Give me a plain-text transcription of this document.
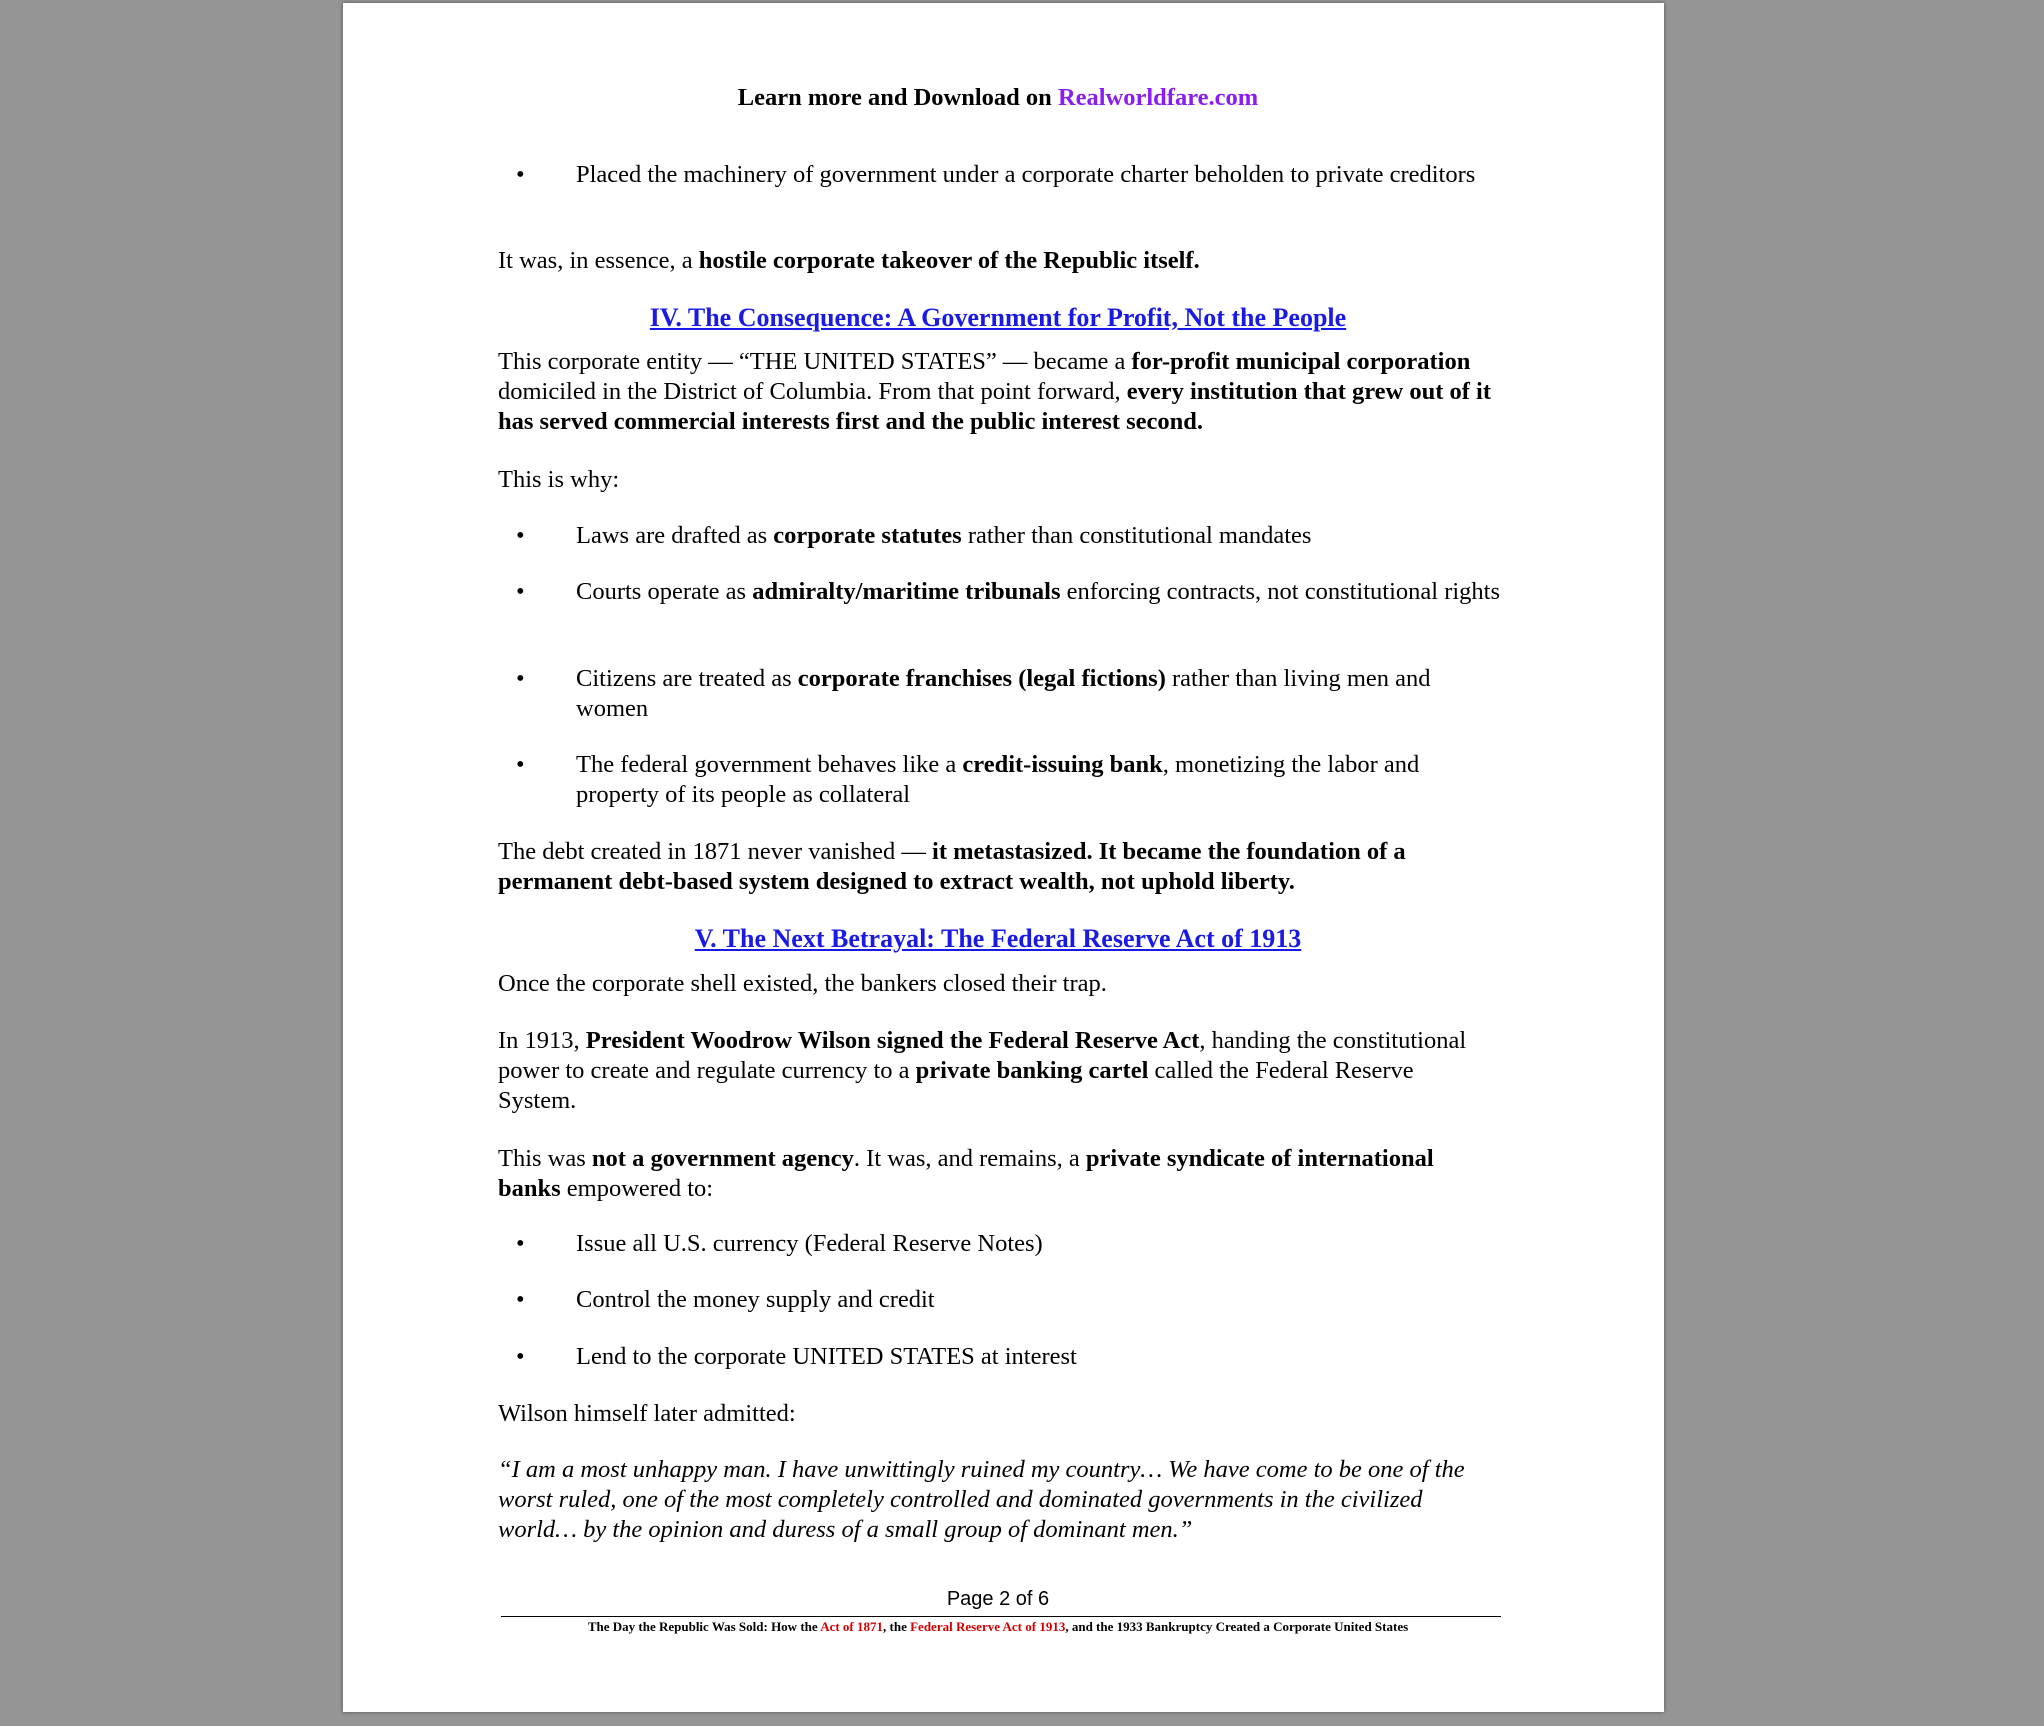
Learn more and Download on Realworldfare.com

• Placed the machinery of government under a corporate charter beholden to private creditors

It was, in essence, a hostile corporate takeover of the Republic itself.

IV. The Consequence: A Government for Profit, Not the People

This corporate entity — “THE UNITED STATES” — became a for-profit municipal corporation domiciled in the District of Columbia. From that point forward, every institution that grew out of it has served commercial interests first and the public interest second.

This is why:

• Laws are drafted as corporate statutes rather than constitutional mandates
• Courts operate as admiralty/maritime tribunals enforcing contracts, not constitutional rights
• Citizens are treated as corporate franchises (legal fictions) rather than living men and women
• The federal government behaves like a credit-issuing bank, monetizing the labor and property of its people as collateral

The debt created in 1871 never vanished — it metastasized. It became the foundation of a permanent debt-based system designed to extract wealth, not uphold liberty.

V. The Next Betrayal: The Federal Reserve Act of 1913

Once the corporate shell existed, the bankers closed their trap.

In 1913, President Woodrow Wilson signed the Federal Reserve Act, handing the constitutional power to create and regulate currency to a private banking cartel called the Federal Reserve System.

This was not a government agency. It was, and remains, a private syndicate of international banks empowered to:

• Issue all U.S. currency (Federal Reserve Notes)
• Control the money supply and credit
• Lend to the corporate UNITED STATES at interest

Wilson himself later admitted:

“I am a most unhappy man. I have unwittingly ruined my country… We have come to be one of the worst ruled, one of the most completely controlled and dominated governments in the civilized world… by the opinion and duress of a small group of dominant men.”

Page 2 of 6
The Day the Republic Was Sold: How the Act of 1871, the Federal Reserve Act of 1913, and the 1933 Bankruptcy Created a Corporate United States
